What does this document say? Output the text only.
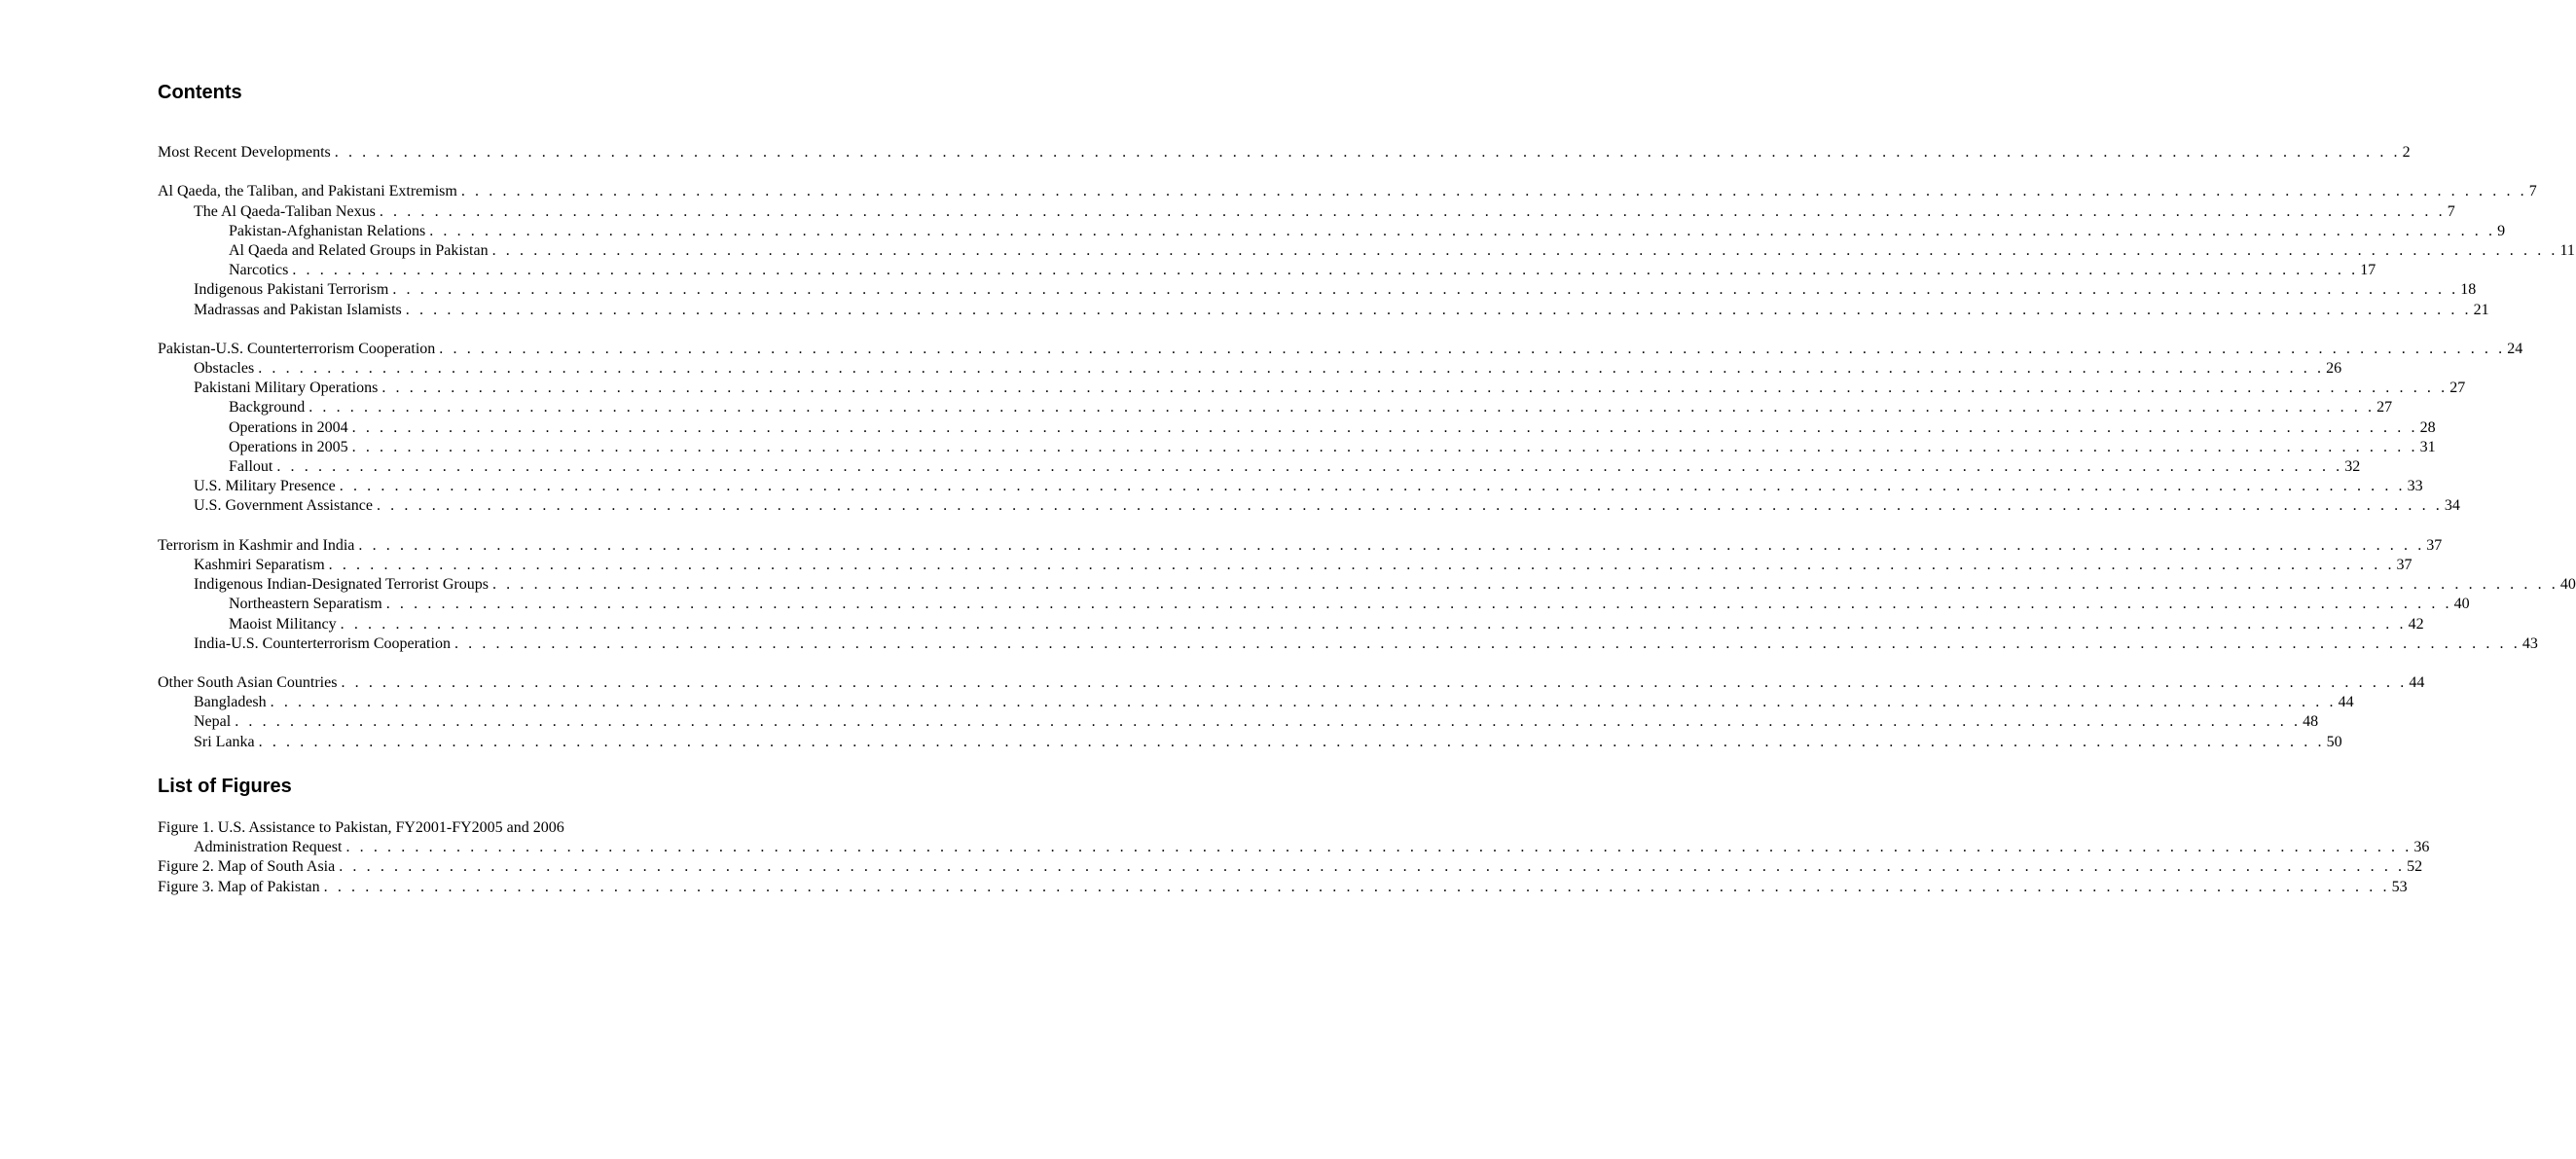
Contents
Most Recent Developments . . . . . . . . . . . . . . . . . . . . . . . . . . . . . . . . . . . . . . . . . . . . . . . . . . . . . . . . . . . . . . . . . . . . . . . . . . . . . . . . . . . . . . . . . . . . . . . . . . . . . . . . . . . . . . . . . . . . . . . . . . . . . . . . . . . . . . . . . . . . . . . . . . . . . . 2
Al Qaeda, the Taliban, and Pakistani Extremism . . . . . . . . . . . . . . . . . . . . . . . . . . . . . . . . . . . . . . . . . . . . . . . . . . . . . . . . . . . . . . . . . . . . . . . . . . . . . . . . . . . . . . . . . . . . . . . . . . . . . . . . . . . . . . . . . . . . . . . . . . . . . . . . . . . . . . . . . . . . . . . . . . . . . . 7
The Al Qaeda-Taliban Nexus . . . . . . . . . . . . . . . . . . . . . . . . . . . . . . . . . . . . . . . . . . . . . . . . . . . . . . . . . . . . . . . . . . . . . . . . . . . . . . . . . . . . . . . . . . . . . . . . . . . . . . . . . . . . . . . . . . . . . . . . . . . . . . . . . . . . . . . . . . . . . . . . . . . . . . 7
Pakistan-Afghanistan Relations . . . . . . . . . . . . . . . . . . . . . . . . . . . . . . . . . . . . . . . . . . . . . . . . . . . . . . . . . . . . . . . . . . . . . . . . . . . . . . . . . . . . . . . . . . . . . . . . . . . . . . . . . . . . . . . . . . . . . . . . . . . . . . . . . . . . . . . . . . . . . . . . . . . . . . 9
Al Qaeda and Related Groups in Pakistan . . . . . . . . . . . . . . . . . . . . . . . . . . . . . . . . . . . . . . . . . . . . . . . . . . . . . . . . . . . . . . . . . . . . . . . . . . . . . . . . . . . . . . . . . . . . . . . . . . . . . . . . . . . . . . . . . . . . . . . . . . . . . . . . . . . . . . . . . . . . . . . . . . . . . . 11
Narcotics . . . . . . . . . . . . . . . . . . . . . . . . . . . . . . . . . . . . . . . . . . . . . . . . . . . . . . . . . . . . . . . . . . . . . . . . . . . . . . . . . . . . . . . . . . . . . . . . . . . . . . . . . . . . . . . . . . . . . . . . . . . . . . . . . . . . . . . . . . . . . . . . . . . . . . 17
Indigenous Pakistani Terrorism . . . . . . . . . . . . . . . . . . . . . . . . . . . . . . . . . . . . . . . . . . . . . . . . . . . . . . . . . . . . . . . . . . . . . . . . . . . . . . . . . . . . . . . . . . . . . . . . . . . . . . . . . . . . . . . . . . . . . . . . . . . . . . . . . . . . . . . . . . . . . . . . . . . . . . 18
Madrassas and Pakistan Islamists . . . . . . . . . . . . . . . . . . . . . . . . . . . . . . . . . . . . . . . . . . . . . . . . . . . . . . . . . . . . . . . . . . . . . . . . . . . . . . . . . . . . . . . . . . . . . . . . . . . . . . . . . . . . . . . . . . . . . . . . . . . . . . . . . . . . . . . . . . . . . . . . . . . . . . 21
Pakistan-U.S. Counterterrorism Cooperation . . . . . . . . . . . . . . . . . . . . . . . . . . . . . . . . . . . . . . . . . . . . . . . . . . . . . . . . . . . . . . . . . . . . . . . . . . . . . . . . . . . . . . . . . . . . . . . . . . . . . . . . . . . . . . . . . . . . . . . . . . . . . . . . . . . . . . . . . . . . . . . . . . . . . . 24
Obstacles . . . . . . . . . . . . . . . . . . . . . . . . . . . . . . . . . . . . . . . . . . . . . . . . . . . . . . . . . . . . . . . . . . . . . . . . . . . . . . . . . . . . . . . . . . . . . . . . . . . . . . . . . . . . . . . . . . . . . . . . . . . . . . . . . . . . . . . . . . . . . . . . . . . . . . 26
Pakistani Military Operations . . . . . . . . . . . . . . . . . . . . . . . . . . . . . . . . . . . . . . . . . . . . . . . . . . . . . . . . . . . . . . . . . . . . . . . . . . . . . . . . . . . . . . . . . . . . . . . . . . . . . . . . . . . . . . . . . . . . . . . . . . . . . . . . . . . . . . . . . . . . . . . . . . . . . . 27
Background . . . . . . . . . . . . . . . . . . . . . . . . . . . . . . . . . . . . . . . . . . . . . . . . . . . . . . . . . . . . . . . . . . . . . . . . . . . . . . . . . . . . . . . . . . . . . . . . . . . . . . . . . . . . . . . . . . . . . . . . . . . . . . . . . . . . . . . . . . . . . . . . . . . . . . 27
Operations in 2004 . . . . . . . . . . . . . . . . . . . . . . . . . . . . . . . . . . . . . . . . . . . . . . . . . . . . . . . . . . . . . . . . . . . . . . . . . . . . . . . . . . . . . . . . . . . . . . . . . . . . . . . . . . . . . . . . . . . . . . . . . . . . . . . . . . . . . . . . . . . . . . . . . . . . . . 28
Operations in 2005 . . . . . . . . . . . . . . . . . . . . . . . . . . . . . . . . . . . . . . . . . . . . . . . . . . . . . . . . . . . . . . . . . . . . . . . . . . . . . . . . . . . . . . . . . . . . . . . . . . . . . . . . . . . . . . . . . . . . . . . . . . . . . . . . . . . . . . . . . . . . . . . . . . . . . . 31
Fallout . . . . . . . . . . . . . . . . . . . . . . . . . . . . . . . . . . . . . . . . . . . . . . . . . . . . . . . . . . . . . . . . . . . . . . . . . . . . . . . . . . . . . . . . . . . . . . . . . . . . . . . . . . . . . . . . . . . . . . . . . . . . . . . . . . . . . . . . . . . . . . . . . . . . . . 32
U.S. Military Presence . . . . . . . . . . . . . . . . . . . . . . . . . . . . . . . . . . . . . . . . . . . . . . . . . . . . . . . . . . . . . . . . . . . . . . . . . . . . . . . . . . . . . . . . . . . . . . . . . . . . . . . . . . . . . . . . . . . . . . . . . . . . . . . . . . . . . . . . . . . . . . . . . . . . . . 33
U.S. Government Assistance . . . . . . . . . . . . . . . . . . . . . . . . . . . . . . . . . . . . . . . . . . . . . . . . . . . . . . . . . . . . . . . . . . . . . . . . . . . . . . . . . . . . . . . . . . . . . . . . . . . . . . . . . . . . . . . . . . . . . . . . . . . . . . . . . . . . . . . . . . . . . . . . . . . . . . 34
Terrorism in Kashmir and India . . . . . . . . . . . . . . . . . . . . . . . . . . . . . . . . . . . . . . . . . . . . . . . . . . . . . . . . . . . . . . . . . . . . . . . . . . . . . . . . . . . . . . . . . . . . . . . . . . . . . . . . . . . . . . . . . . . . . . . . . . . . . . . . . . . . . . . . . . . . . . . . . . . . . . 37
Kashmiri Separatism . . . . . . . . . . . . . . . . . . . . . . . . . . . . . . . . . . . . . . . . . . . . . . . . . . . . . . . . . . . . . . . . . . . . . . . . . . . . . . . . . . . . . . . . . . . . . . . . . . . . . . . . . . . . . . . . . . . . . . . . . . . . . . . . . . . . . . . . . . . . . . . . . . . . . . 37
Indigenous Indian-Designated Terrorist Groups . . . . . . . . . . . . . . . . . . . . . . . . . . . . . . . . . . . . . . . . . . . . . . . . . . . . . . . . . . . . . . . . . . . . . . . . . . . . . . . . . . . . . . . . . . . . . . . . . . . . . . . . . . . . . . . . . . . . . . . . . . . . . . . . . . . . . . . . . . . . . . . . . . . . . . 40
Northeastern Separatism . . . . . . . . . . . . . . . . . . . . . . . . . . . . . . . . . . . . . . . . . . . . . . . . . . . . . . . . . . . . . . . . . . . . . . . . . . . . . . . . . . . . . . . . . . . . . . . . . . . . . . . . . . . . . . . . . . . . . . . . . . . . . . . . . . . . . . . . . . . . . . . . . . . . . . 40
Maoist Militancy . . . . . . . . . . . . . . . . . . . . . . . . . . . . . . . . . . . . . . . . . . . . . . . . . . . . . . . . . . . . . . . . . . . . . . . . . . . . . . . . . . . . . . . . . . . . . . . . . . . . . . . . . . . . . . . . . . . . . . . . . . . . . . . . . . . . . . . . . . . . . . . . . . . . . . 42
India-U.S. Counterterrorism Cooperation . . . . . . . . . . . . . . . . . . . . . . . . . . . . . . . . . . . . . . . . . . . . . . . . . . . . . . . . . . . . . . . . . . . . . . . . . . . . . . . . . . . . . . . . . . . . . . . . . . . . . . . . . . . . . . . . . . . . . . . . . . . . . . . . . . . . . . . . . . . . . . . . . . . . . . 43
Other South Asian Countries . . . . . . . . . . . . . . . . . . . . . . . . . . . . . . . . . . . . . . . . . . . . . . . . . . . . . . . . . . . . . . . . . . . . . . . . . . . . . . . . . . . . . . . . . . . . . . . . . . . . . . . . . . . . . . . . . . . . . . . . . . . . . . . . . . . . . . . . . . . . . . . . . . . . . . 44
Bangladesh . . . . . . . . . . . . . . . . . . . . . . . . . . . . . . . . . . . . . . . . . . . . . . . . . . . . . . . . . . . . . . . . . . . . . . . . . . . . . . . . . . . . . . . . . . . . . . . . . . . . . . . . . . . . . . . . . . . . . . . . . . . . . . . . . . . . . . . . . . . . . . . . . . . . . . 44
Nepal . . . . . . . . . . . . . . . . . . . . . . . . . . . . . . . . . . . . . . . . . . . . . . . . . . . . . . . . . . . . . . . . . . . . . . . . . . . . . . . . . . . . . . . . . . . . . . . . . . . . . . . . . . . . . . . . . . . . . . . . . . . . . . . . . . . . . . . . . . . . . . . . . . . . . . 48
Sri Lanka . . . . . . . . . . . . . . . . . . . . . . . . . . . . . . . . . . . . . . . . . . . . . . . . . . . . . . . . . . . . . . . . . . . . . . . . . . . . . . . . . . . . . . . . . . . . . . . . . . . . . . . . . . . . . . . . . . . . . . . . . . . . . . . . . . . . . . . . . . . . . . . . . . . . . . 50
List of Figures
Figure 1. U.S. Assistance to Pakistan, FY2001-FY2005 and 2006
Administration Request . . . . . . . . . . . . . . . . . . . . . . . . . . . . . . . . . . . . . . . . . . . . . . . . . . . . . . . . . . . . . . . . . . . . . . . . . . . . . . . . . . . . . . . . . . . . . . . . . . . . . . . . . . . . . . . . . . . . . . . . . . . . . . . . . . . . . . . . . . . . . . . . . . . . . . 36
Figure 2. Map of South Asia . . . . . . . . . . . . . . . . . . . . . . . . . . . . . . . . . . . . . . . . . . . . . . . . . . . . . . . . . . . . . . . . . . . . . . . . . . . . . . . . . . . . . . . . . . . . . . . . . . . . . . . . . . . . . . . . . . . . . . . . . . . . . . . . . . . . . . . . . . . . . . . . . . . . . . 52
Figure 3. Map of Pakistan . . . . . . . . . . . . . . . . . . . . . . . . . . . . . . . . . . . . . . . . . . . . . . . . . . . . . . . . . . . . . . . . . . . . . . . . . . . . . . . . . . . . . . . . . . . . . . . . . . . . . . . . . . . . . . . . . . . . . . . . . . . . . . . . . . . . . . . . . . . . . . . . . . . . . . 53
